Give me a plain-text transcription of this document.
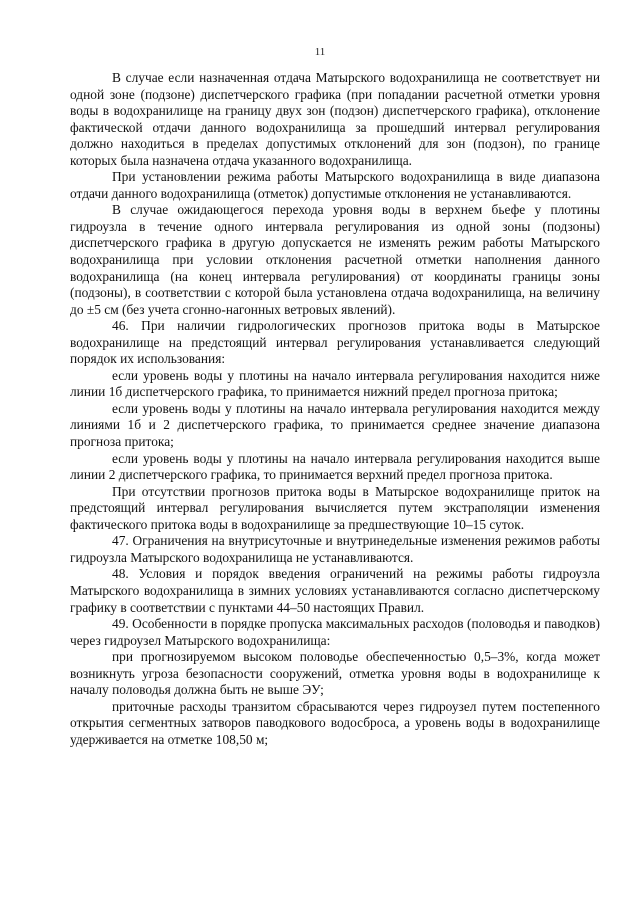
11

В случае если назначенная отдача Матырского водохранилища не соответствует ни одной зоне (подзоне) диспетчерского графика (при попадании расчетной отметки уровня воды в водохранилище на границу двух зон (подзон) диспетчерского графика), отклонение фактической отдачи данного водохранилища за прошедший интервал регулирования должно находиться в пределах допустимых отклонений для зон (подзон), по границе которых была назначена отдача указанного водохранилища.

При установлении режима работы Матырского водохранилища в виде диапазона отдачи данного водохранилища (отметок) допустимые отклонения не устанавливаются.

В случае ожидающегося перехода уровня воды в верхнем бьефе у плотины гидроузла в течение одного интервала регулирования из одной зоны (подзоны) диспетчерского графика в другую допускается не изменять режим работы Матырского водохранилища при условии отклонения расчетной отметки наполнения данного водохранилища (на конец интервала регулирования) от координаты границы зоны (подзоны), в соответствии с которой была установлена отдача водохранилища, на величину до ±5 см (без учета сгонно-нагонных ветровых явлений).

46. При наличии гидрологических прогнозов притока воды в Матырское водохранилище на предстоящий интервал регулирования устанавливается следующий порядок их использования:

если уровень воды у плотины на начало интервала регулирования находится ниже линии 1б диспетчерского графика, то принимается нижний предел прогноза притока;

если уровень воды у плотины на начало интервала регулирования находится между линиями 1б и 2 диспетчерского графика, то принимается среднее значение диапазона прогноза притока;

если уровень воды у плотины на начало интервала регулирования находится выше линии 2 диспетчерского графика, то принимается верхний предел прогноза притока.

При отсутствии прогнозов притока воды в Матырское водохранилище приток на предстоящий интервал регулирования вычисляется путем экстраполяции изменения фактического притока воды в водохранилище за предшествующие 10–15 суток.

47. Ограничения на внутрисуточные и внутринедельные изменения режимов работы гидроузла Матырского водохранилища не устанавливаются.

48. Условия и порядок введения ограничений на режимы работы гидроузла Матырского водохранилища в зимних условиях устанавливаются согласно диспетчерскому графику в соответствии с пунктами 44–50 настоящих Правил.

49. Особенности в порядке пропуска максимальных расходов (половодья и паводков) через гидроузел Матырского водохранилища:

при прогнозируемом высоком половодье обеспеченностью 0,5–3%, когда может возникнуть угроза безопасности сооружений, отметка уровня воды в водохранилище к началу половодья должна быть не выше ЭУ;

приточные расходы транзитом сбрасываются через гидроузел путем постепенного открытия сегментных затворов паводкового водосброса, а уровень воды в водохранилище удерживается на отметке 108,50 м;
